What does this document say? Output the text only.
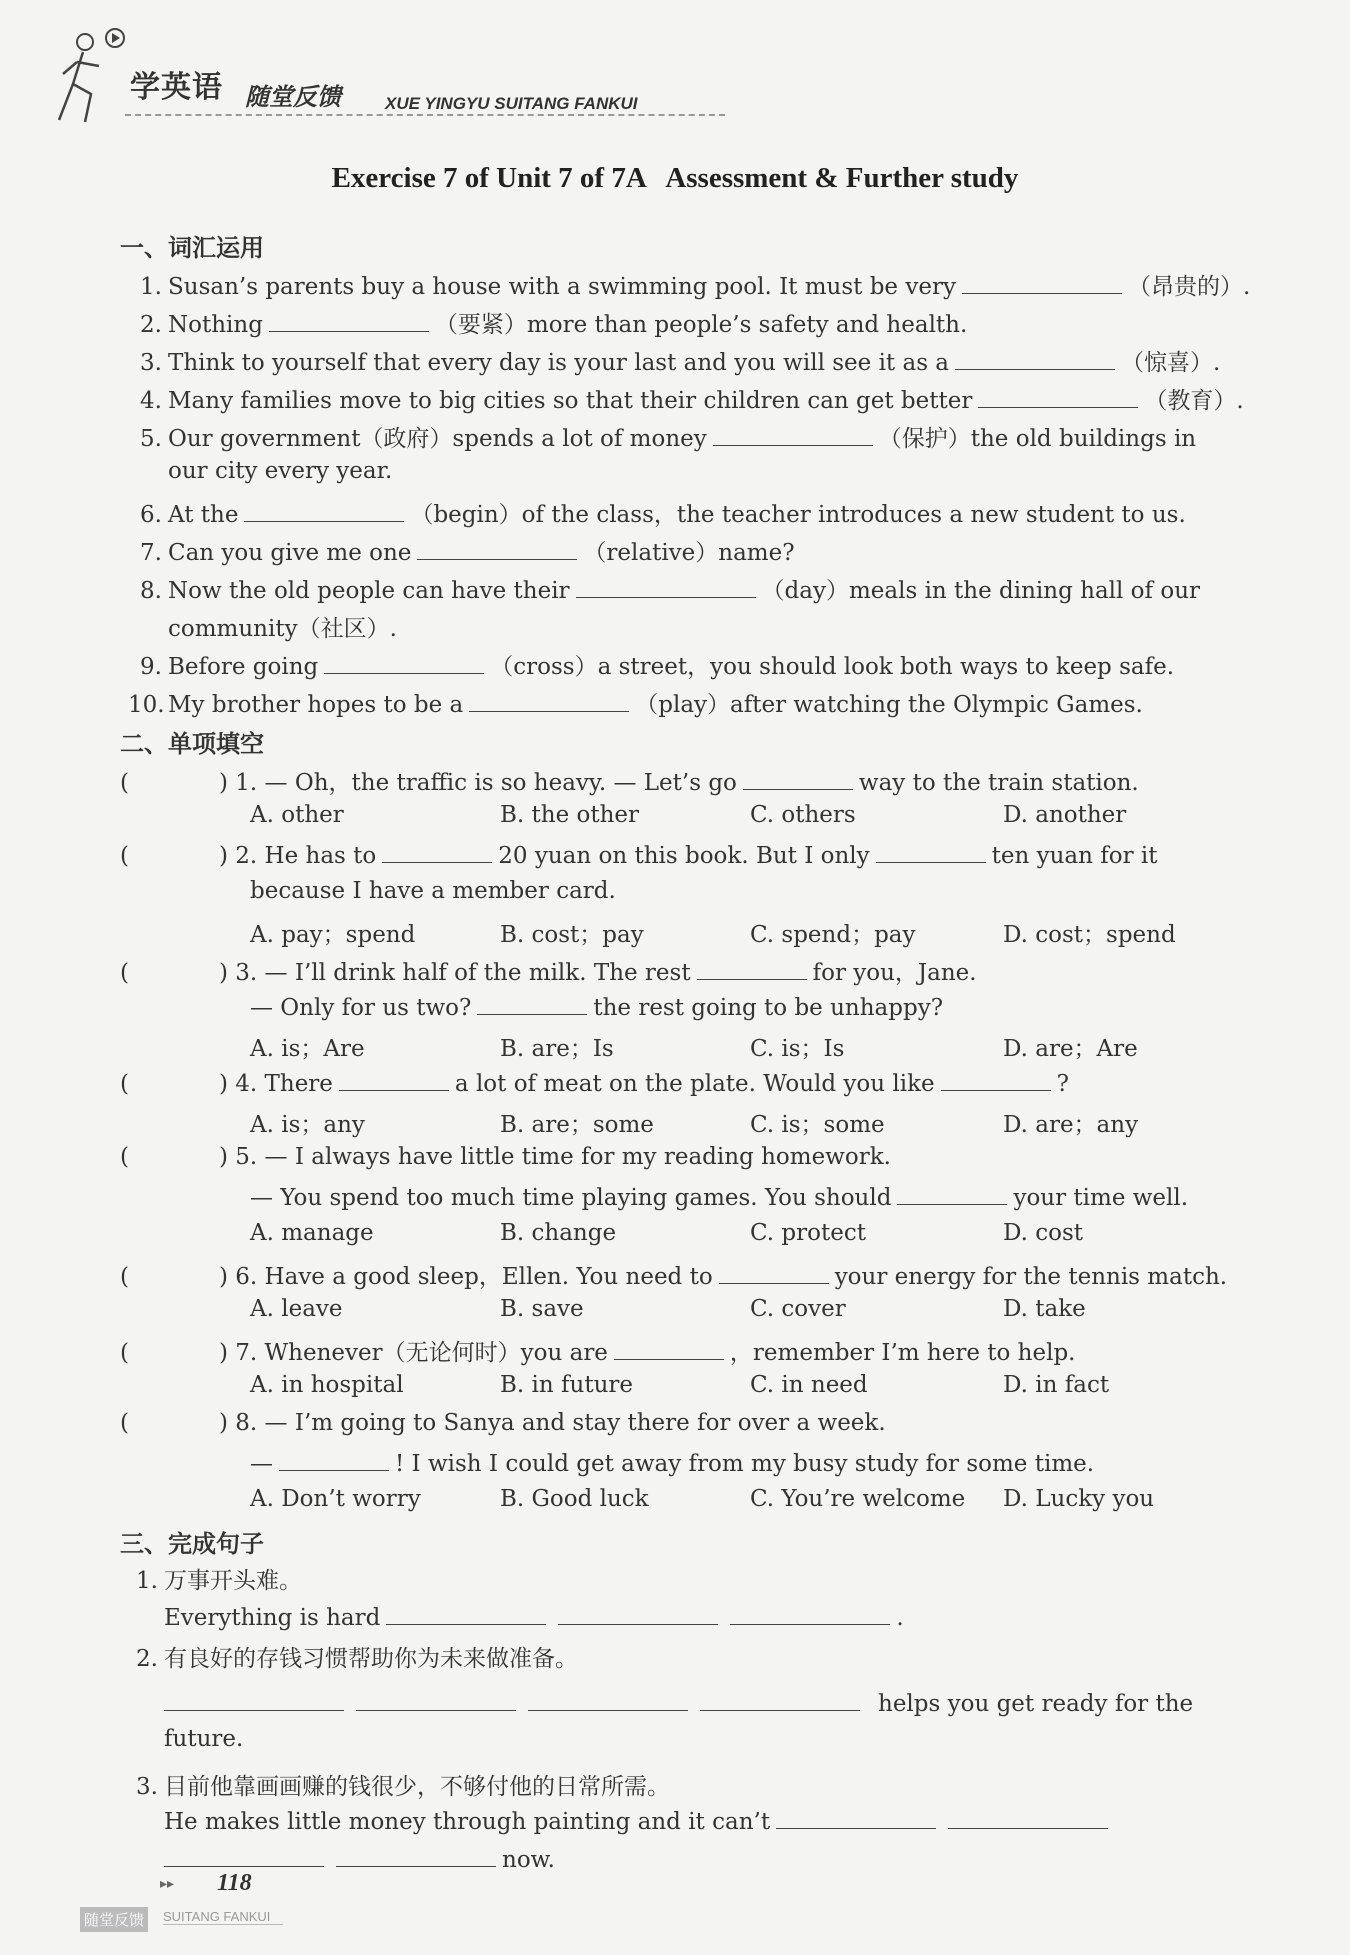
学英语 随堂反馈	XUE YINGYU SUITANG FANKUI
Exercise 7 of Unit 7 of 7A   Assessment & Further study
一、词汇运用
1. Susan’s parents buy a house with a swimming pool. It must be very	（昂贵的）.
2. Nothing	（要紧）more than people’s safety and health.
3. Think to yourself that every day is your last and you will see it as a	（惊喜）.
4. Many families move to big cities so that their children can get better	（教育）.
5. Our government（政府）spends a lot of money	（保护）the old buildings in
our city every year.
6. At the	（begin）of the class，the teacher introduces a new student to us.
7. Can you give me one	（relative）name?
8. Now the old people can have their	（day）meals in the dining hall of our
community（社区）.
9. Before going	（cross）a street，you should look both ways to keep safe.
10. My brother hopes to be a	（play）after watching the Olympic Games.
二、单项填空
(	) 1. — Oh，the traffic is so heavy. — Let’s go	way to the train station.
A. other	B. the other	C. others	D. another
(	) 2. He has to	20 yuan on this book. But I only	ten yuan for it
because I have a member card.
A. pay；spend	B. cost；pay	C. spend；pay	D. cost；spend
(	) 3. — I’ll drink half of the milk. The rest	for you，Jane.
— Only for us two?	the rest going to be unhappy?
A. is；Are	B. are；Is	C. is；Is	D. are；Are
(	) 4. There	a lot of meat on the plate. Would you like	?
A. is；any	B. are；some	C. is；some	D. are；any
(	) 5. — I always have little time for my reading homework.
— You spend too much time playing games. You should	your time well.
A. manage	B. change	C. protect	D. cost
(	) 6. Have a good sleep，Ellen. You need to	your energy for the tennis match.
A. leave	B. save	C. cover	D. take
(	) 7. Whenever（无论何时）you are	，remember I’m here to help.
A. in hospital	B. in future	C. in need	D. in fact
(	) 8. — I’m going to Sanya and stay there for over a week.
—	! I wish I could get away from my busy study for some time.
A. Don’t worry	B. Good luck	C. You’re welcome D. Lucky you
三、完成句子
1. 万事开头难。
Everything is hard	.
2. 有良好的存钱习惯帮助你为未来做准备。
helps you get ready for the
future.
3. 目前他靠画画赚的钱很少，不够付他的日常所需。
He makes little money through painting and it can’t
now.
▸▸ 118
随堂反馈	SUITANG FANKUI
